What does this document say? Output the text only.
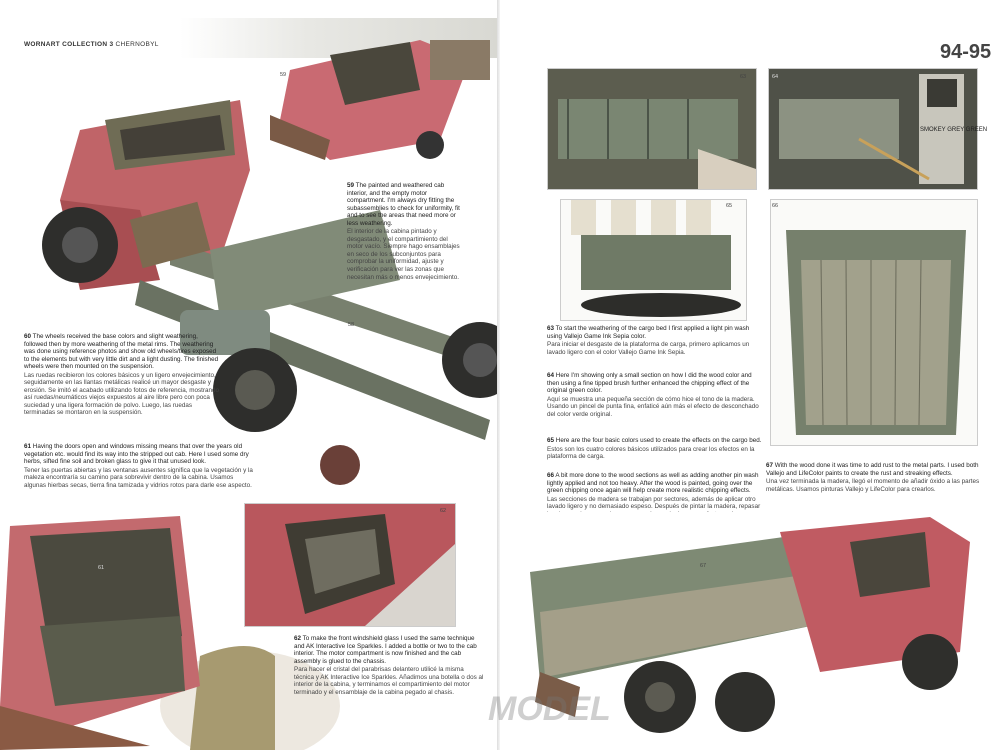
WORNART COLLECTION 3 CHERNOBYL
58
59
59 The painted and weathered cab interior, and the empty motor compartment. I'm always dry fitting the subassemblies to check for uniformity, fit and to see the areas that need more or less weathering.
El interior de la cabina pintado y desgastado, y el compartimiento del motor vacío. Siempre hago ensamblajes en seco de los subconjuntos para comprobar la uniformidad, ajuste y verificación para ver las zonas que necesitan más o menos envejecimiento.
60 The wheels received the base colors and slight weathering, followed then by more weathering of the metal rims. The weathering was done using reference photos and show old wheels/tires exposed to the elements but with very little dirt and a light dusting. The finished wheels were then mounted on the suspension.
Las ruedas recibieron los colores básicos y un ligero envejecimiento, seguidamente en las llantas metálicas realicé un mayor desgaste y erosión. Se imitó el acabado utilizando fotos de referencia, mostrando así ruedas/neumáticos viejos expuestos al aire libre pero con poca suciedad y una ligera formación de polvo. Luego, las ruedas terminadas se montaron en la suspensión.
61 Having the doors open and windows missing means that over the years old vegetation etc. would find its way into the stripped out cab. Here I used some dry herbs, sifted fine soil and broken glass to give it that unused look.
Tener las puertas abiertas y las ventanas ausentes significa que la vegetación y la maleza encontraría su camino para sobrevivir dentro de la cabina. Usamos algunas hierbas secas, tierra fina tamizada y vidrios rotos para darle ese aspecto.
61
62
62 To make the front windshield glass I used the same technique and AK Interactive Ice Sparkles. I added a bottle or two to the cab interior. The motor compartment is now finished and the cab assembly is glued to the chassis.
Para hacer el cristal del parabrisas delantero utilicé la misma técnica y AK Interactive Ice Sparkles. Añadimos una botella o dos al interior de la cabina, y terminamos el compartimiento del motor terminado y el ensamblaje de la cabina pegado al chasis.
94-95
63
SMOKEY GREY GREEN
64
65	66
63 To start the weathering of the cargo bed I first applied a light pin wash using Vallejo Game Ink Sepia color.
Para iniciar el desgaste de la plataforma de carga, primero aplicamos un lavado ligero con el color Vallejo Game Ink Sepia.
64 Here I'm showing only a small section on how I did the wood color and then using a fine tipped brush further enhanced the chipping effect of the original green color.
Aquí se muestra una pequeña sección de cómo hice el tono de la madera. Usando un pincel de punta fina, enfaticé aún más el efecto de desconchado del color verde original.
65 Here are the four basic colors used to create the effects on the cargo bed.
Estos son los cuatro colores básicos utilizados para crear los efectos en la plataforma de carga.
66 A bit more done to the wood sections as well as adding another pin wash lightly applied and not too heavy. After the wood is painted, going over the green chipping once again will help create more realistic chipping effects.
Las secciones de madera se trabajan por sectores, además de aplicar otro lavado ligero y no demasiado espeso. Después de pintar la madera, repasar
67 With the wood done it was time to add rust to the metal parts. I used both Vallejo and LifeColor paints to create the rust and streaking effects.
Una vez terminada la madera, llegó el momento de añadir óxido a las partes metálicas. Usamos pinturas Vallejo y LifeColor para crearlos.
67
MODEL
